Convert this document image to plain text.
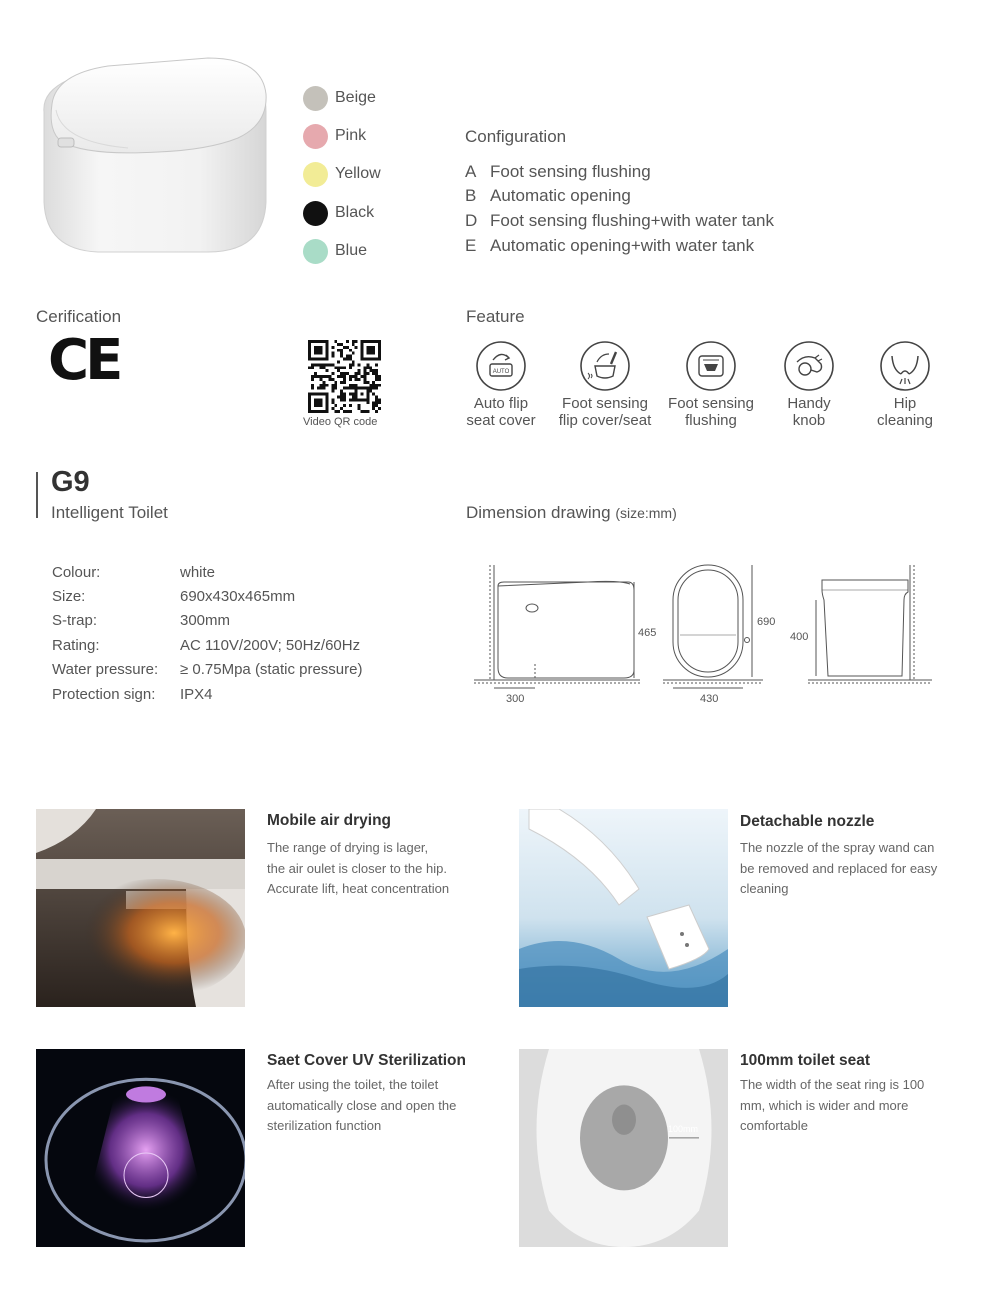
Beige
Pink
Yellow
Black
Blue
Configuration
A Foot sensing flushing
B Automatic opening
D Foot sensing flushing+with water tank
E Automatic opening+with water tank
Cerification
CE
Video QR code
Feature
AUTO
Auto flip
seat cover
Foot sensing
flip cover/seat
Foot sensing
flushing
Handy
knob
Hip
cleaning
G9
Intelligent Toilet
Colour:	white
Size:	690x430x465mm
S-trap:	300mm
Rating:	AC 110V/200V; 50Hz/60Hz
Water pressure:	≥ 0.75Mpa (static pressure)
Protection sign:	IPX4
Dimension drawing (size:mm)
465
300
690
430
400
Mobile air drying
The range of drying is lager,
the air oulet is closer to the hip.
Accurate lift, heat concentration
Detachable nozzle
The nozzle of the spray wand can
be removed and replaced for easy
cleaning
Saet Cover UV Sterilization
After using the toilet, the toilet
automatically close and open the
sterilization function	100mm
100mm toilet seat
The width of the seat ring is 100
mm, which is wider and more
comfortable
